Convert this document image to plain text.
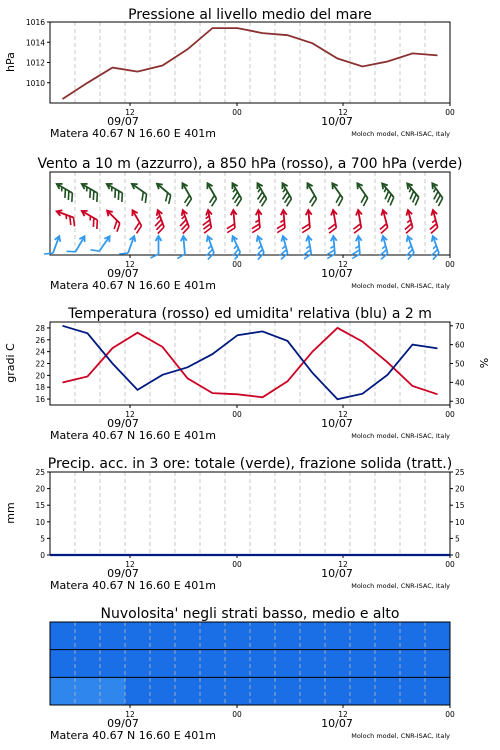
12	00	12	00
09/07	10/07
Matera 40.67 N 16.60 E 401m	Moloch model, CNR-ISAC, Italy
Pressione al livello medio del mare
1016
1014
1012
1010
hPa
12	00	12	00
09/07	10/07
Matera 40.67 N 16.60 E 401m	Moloch model, CNR-ISAC, Italy
Vento a 10 m (azzurro), a 850 hPa (rosso), a 700 hPa (verde)
12	00	12	00
09/07	10/07
Matera 40.67 N 16.60 E 401m	Moloch model, CNR-ISAC, Italy
Temperatura (rosso) ed umidita' relativa (blu) a 2 m
28
26
24
22
20
18
16
70
60
50
40
30
gradi C	%
12	00	12	00
09/07	10/07
Matera 40.67 N 16.60 E 401m	Moloch model, CNR-ISAC, Italy
Precip. acc. in 3 ore: totale (verde), frazione solida (tratt.)
25	25
20	20
15	15
10	10
5	5
0	0
mm
12	00	12	00
09/07	10/07
Matera 40.67 N 16.60 E 401m	Moloch model, CNR-ISAC, Italy
Nuvolosita' negli strati basso, medio e alto
